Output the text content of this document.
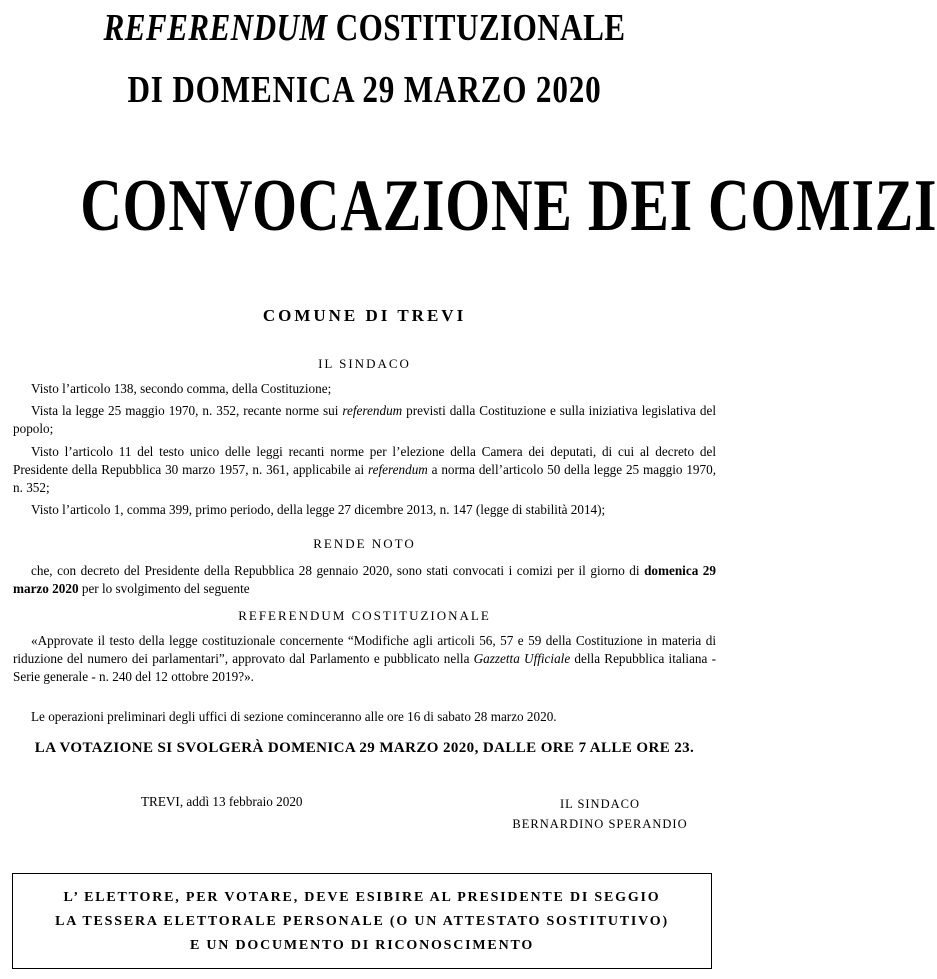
REFERENDUM COSTITUZIONALE
DI DOMENICA 29 MARZO 2020
CONVOCAZIONE DEI COMIZI
COMUNE DI TREVI
IL SINDACO

Visto l’articolo 138, secondo comma, della Costituzione;

Vista la legge 25 maggio 1970, n. 352, recante norme sui referendum previsti dalla Costituzione e sulla iniziativa legislativa del popolo;

Visto l’articolo 11 del testo unico delle leggi recanti norme per l’elezione della Camera dei deputati, di cui al decreto del Presidente della Repubblica 30 marzo 1957, n. 361, applicabile ai referendum a norma dell’articolo 50 della legge 25 maggio 1970, n. 352;

Visto l’articolo 1, comma 399, primo periodo, della legge 27 dicembre 2013, n. 147 (legge di stabilità 2014);

RENDE NOTO

che, con decreto del Presidente della Repubblica 28 gennaio 2020, sono stati convocati i comizi per il giorno di domenica 29 marzo 2020 per lo svolgimento del seguente

REFERENDUM COSTITUZIONALE

«Approvate il testo della legge costituzionale concernente “Modifiche agli articoli 56, 57 e 59 della Costituzione in materia di riduzione del numero dei parlamentari”, approvato dal Parlamento e pubblicato nella Gazzetta Ufficiale della Repubblica italiana - Serie generale - n. 240 del 12 ottobre 2019?».

Le operazioni preliminari degli uffici di sezione cominceranno alle ore 16 di sabato 28 marzo 2020.

LA VOTAZIONE SI SVOLGERÀ DOMENICA 29 MARZO 2020, DALLE ORE 7 ALLE ORE 23.
TREVI, addì 13 febbraio 2020	IL SINDACO
BERNARDINO SPERANDIO
L’ ELETTORE, PER VOTARE, DEVE ESIBIRE AL PRESIDENTE DI SEGGIO
LA TESSERA ELETTORALE PERSONALE (O UN ATTESTATO SOSTITUTIVO)
E UN DOCUMENTO DI RICONOSCIMENTO
